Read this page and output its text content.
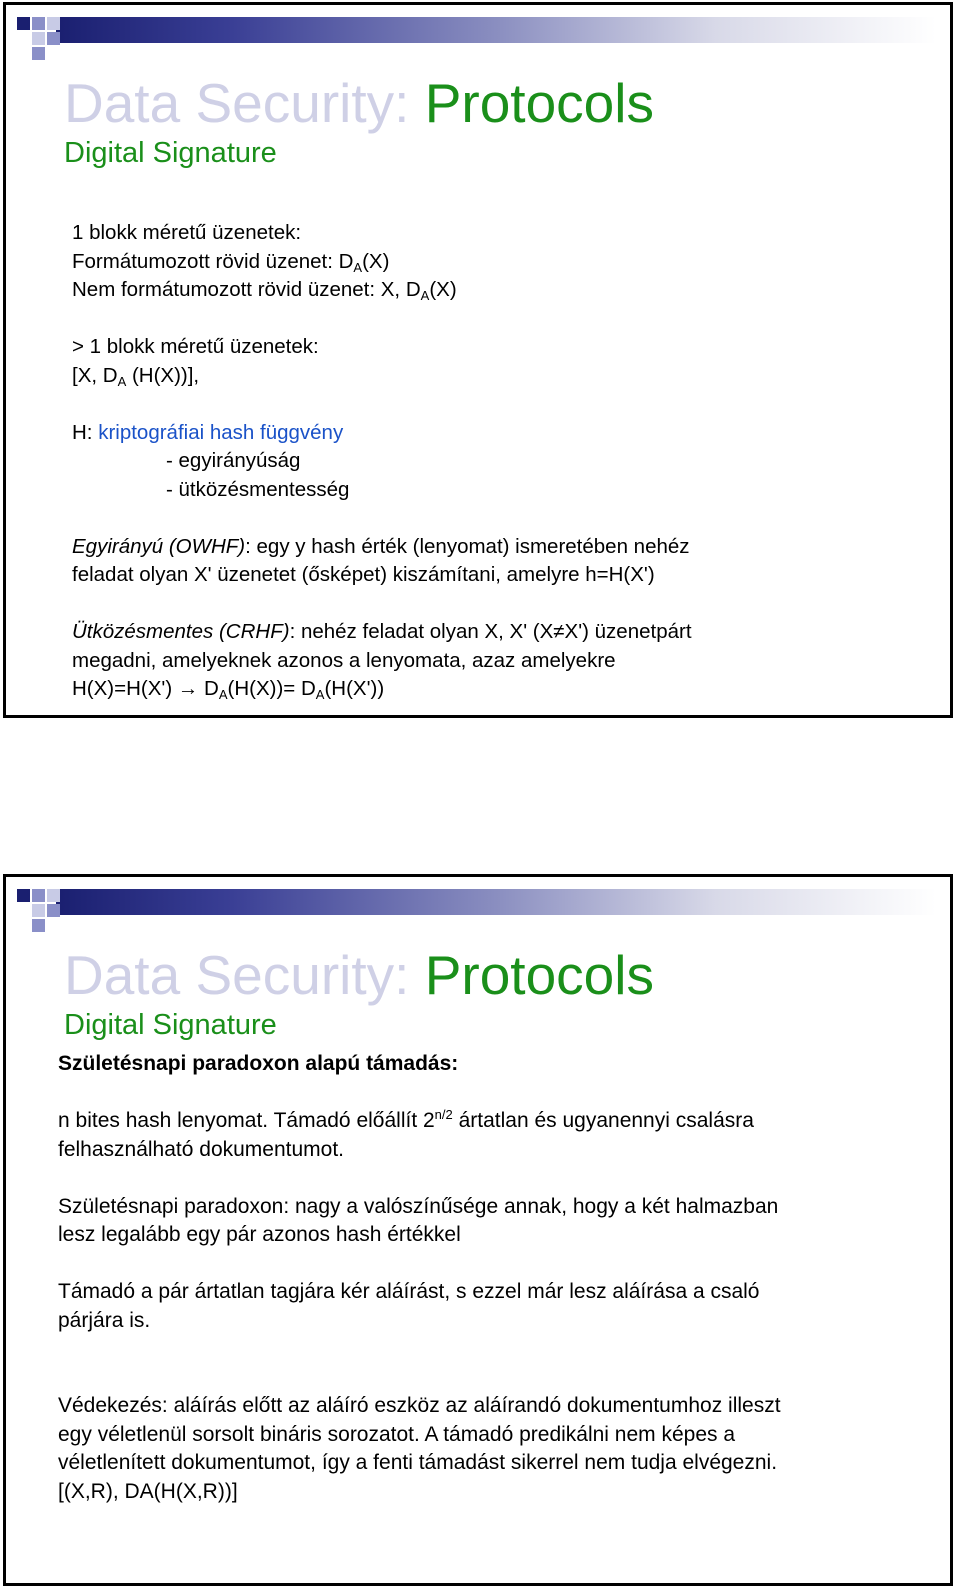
Data Security: Protocols
Digital Signature
1 blokk méretű üzenetek:
Formátumozott rövid üzenet: $D_A(X)$
Nem formátumozott rövid üzenet: X, $D_A(X)$
> 1 blokk méretű üzenetek:
[X, $D_A$ (H(X))],
H: kriptográfiai hash függvény
- egyirányúság
- ütközésmentesség
Egyirányú (OWHF): egy y hash érték (lenyomat) ismeretében nehéz
feladat olyan X' üzenetet (ősképet) kiszámítani, amelyre h=H(X')
Ütközésmentes (CRHF): nehéz feladat olyan X, X' (X≠X') üzenetpárt
megadni, amelyeknek azonos a lenyomata, azaz amelyekre
$H(X)=H(X') \to D_A(H(X))= D_A(H(X'))$
Data Security: Protocols
Digital Signature
Születésnapi paradoxon alapú támadás:
n bites hash lenyomat. Támadó előállít $2^{n/2}$ ártatlan és ugyanennyi csalásra
felhasználható dokumentumot.
Születésnapi paradoxon: nagy a valószínűsége annak, hogy a két halmazban
lesz legalább egy pár azonos hash értékkel
Támadó a pár ártatlan tagjára kér aláírást, s ezzel már lesz aláírása a csaló
párjára is.
Védekezés: aláírás előtt az aláíró eszköz az aláírandó dokumentumhoz illeszt
egy véletlenül sorsolt bináris sorozatot. A támadó predikálni nem képes a
véletlenített dokumentumot, így a fenti támadást sikerrel nem tudja elvégezni.
[(X,R), DA(H(X,R))]
